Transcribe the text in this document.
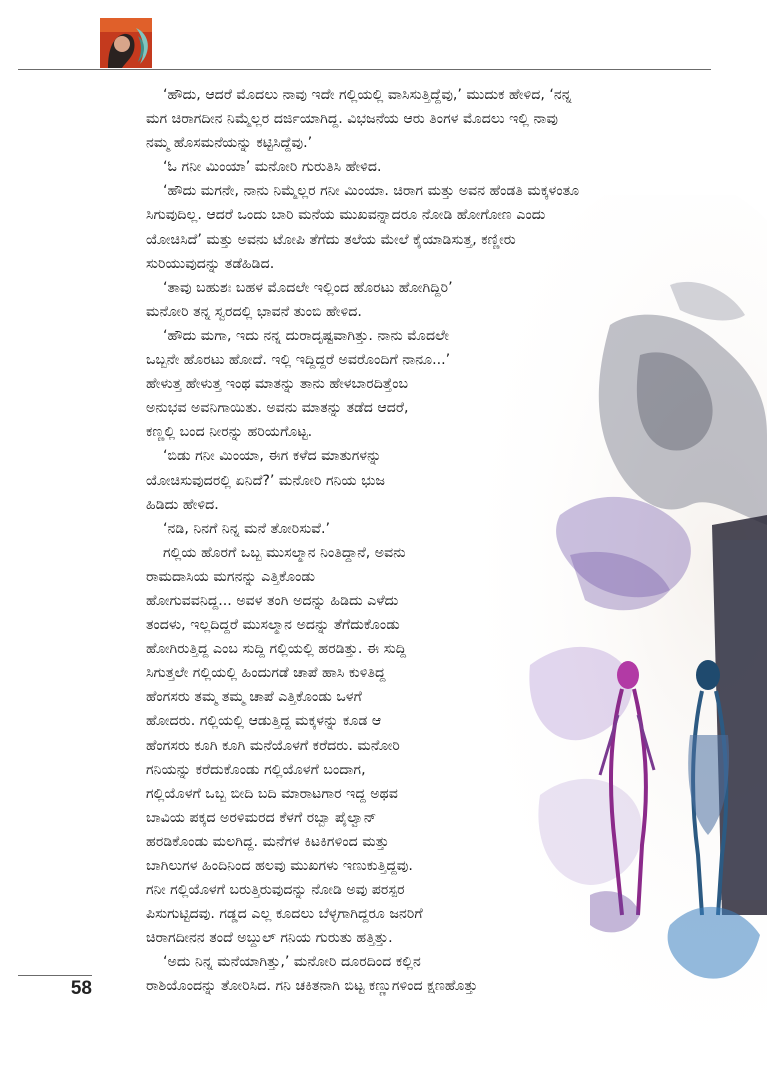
‘ಹೌದು, ಆದರೆ ಮೊದಲು ನಾವು ಇದೇ ಗಲ್ಲಿಯಲ್ಲಿ ವಾಸಿಸುತ್ತಿದ್ದೆವು,’ ಮುದುಕ ಹೇಳಿದ, ‘ನನ್ನ
ಮಗ ಚಿರಾಗದೀನ ನಿಮ್ಮೆಲ್ಲರ ದರ್ಜಿಯಾಗಿದ್ದ. ವಿಭಜನೆಯ ಆರು ತಿಂಗಳ ಮೊದಲು ಇಲ್ಲಿ ನಾವು
ನಮ್ಮ ಹೊಸಮನೆಯನ್ನು ಕಟ್ಟಿಸಿದ್ದೆವು.’
‘ಓ ಗನೀ ಮಿಂಯಾ’ ಮನೋರಿ ಗುರುತಿಸಿ ಹೇಳಿದ.
‘ಹೌದು ಮಗನೇ, ನಾನು ನಿಮ್ಮೆಲ್ಲರ ಗನೀ ಮಿಂಯಾ. ಚಿರಾಗ ಮತ್ತು ಅವನ ಹೆಂಡತಿ ಮಕ್ಕಳಂತೂ
ಸಿಗುವುದಿಲ್ಲ. ಆದರೆ ಒಂದು ಬಾರಿ ಮನೆಯ ಮುಖವನ್ನಾದರೂ ನೋಡಿ ಹೋಗೋಣ ಎಂದು
ಯೋಚಿಸಿದೆ’ ಮತ್ತು ಅವನು ಟೋಪಿ ತೆಗೆದು ತಲೆಯ ಮೇಲೆ ಕೈಯಾಡಿಸುತ್ತ, ಕಣ್ಣೀರು
ಸುರಿಯುವುದನ್ನು ತಡೆಹಿಡಿದ.
‘ತಾವು ಬಹುಶಃ ಬಹಳ ಮೊದಲೇ ಇಲ್ಲಿಂದ ಹೊರಟು ಹೋಗಿದ್ದಿರಿ’
ಮನೋರಿ ತನ್ನ ಸ್ವರದಲ್ಲಿ ಭಾವನೆ ತುಂಬಿ ಹೇಳಿದ.
‘ಹೌದು ಮಗಾ, ಇದು ನನ್ನ ದುರಾದೃಷ್ಟವಾಗಿತ್ತು. ನಾನು ಮೊದಲೇ
ಒಬ್ಬನೇ ಹೊರಟು ಹೋದೆ. ಇಲ್ಲಿ ಇದ್ದಿದ್ದರೆ ಅವರೊಂದಿಗೆ ನಾನೂ...’
ಹೇಳುತ್ತ ಹೇಳುತ್ತ ಇಂಥ ಮಾತನ್ನು ತಾನು ಹೇಳಬಾರದಿತ್ತೆಂಬ
ಅನುಭವ ಅವನಿಗಾಯಿತು. ಅವನು ಮಾತನ್ನು ತಡೆದ ಆದರೆ,
ಕಣ್ಣಲ್ಲಿ ಬಂದ ನೀರನ್ನು ಹರಿಯಗೊಟ್ಟ.
‘ಬಿಡು ಗನೀ ಮಿಂಯಾ, ಈಗ ಕಳೆದ ಮಾತುಗಳನ್ನು
ಯೋಚಿಸುವುದರಲ್ಲಿ ಏನಿದೆ?’ ಮನೋರಿ ಗನಿಯ ಭುಜ
ಹಿಡಿದು ಹೇಳಿದ.
‘ನಡಿ, ನಿನಗೆ ನಿನ್ನ ಮನೆ ತೋರಿಸುವೆ.’
ಗಲ್ಲಿಯ ಹೊರಗೆ ಒಬ್ಬ ಮುಸಲ್ಮಾನ ನಿಂತಿದ್ದಾನೆ, ಅವನು
ರಾಮದಾಸಿಯ ಮಗನನ್ನು ಎತ್ತಿಕೊಂಡು
ಹೋಗುವವನಿದ್ದ... ಅವಳ ತಂಗಿ ಅದನ್ನು ಹಿಡಿದು ಎಳೆದು
ತಂದಳು, ಇಲ್ಲದಿದ್ದರೆ ಮುಸಲ್ಮಾನ ಅದನ್ನು ತೆಗೆದುಕೊಂಡು
ಹೋಗಿರುತ್ತಿದ್ದ ಎಂಬ ಸುದ್ದಿ ಗಲ್ಲಿಯಲ್ಲಿ ಹರಡಿತ್ತು. ಈ ಸುದ್ದಿ
ಸಿಗುತ್ತಲೇ ಗಲ್ಲಿಯಲ್ಲಿ ಹಿಂದುಗಡೆ ಚಾಪೆ ಹಾಸಿ ಕುಳಿತಿದ್ದ
ಹೆಂಗಸರು ತಮ್ಮ ತಮ್ಮ ಚಾಪೆ ಎತ್ತಿಕೊಂಡು ಒಳಗೆ
ಹೋದರು. ಗಲ್ಲಿಯಲ್ಲಿ ಆಡುತ್ತಿದ್ದ ಮಕ್ಕಳನ್ನು ಕೂಡ ಆ
ಹೆಂಗಸರು ಕೂಗಿ ಕೂಗಿ ಮನೆಯೊಳಗೆ ಕರೆದರು. ಮನೋರಿ
ಗನಿಯನ್ನು ಕರೆದುಕೊಂಡು ಗಲ್ಲಿಯೊಳಗೆ ಬಂದಾಗ,
ಗಲ್ಲಿಯೊಳಗೆ ಒಬ್ಬ ಬೀದಿ ಬದಿ ಮಾರಾಟಗಾರ ಇದ್ದ ಅಥವ
ಬಾವಿಯ ಪಕ್ಕದ ಅರಳಿಮರದ ಕೆಳಗೆ ರಬ್ಬಾ ಪೈಲ್ವಾನ್
ಹರಡಿಕೊಂಡು ಮಲಗಿದ್ದ. ಮನೆಗಳ ಕಿಟಕಿಗಳಿಂದ ಮತ್ತು
ಬಾಗಿಲುಗಳ ಹಿಂದಿನಿಂದ ಹಲವು ಮುಖಗಳು ಇಣುಕುತ್ತಿದ್ದವು.
ಗನೀ ಗಲ್ಲಿಯೊಳಗೆ ಬರುತ್ತಿರುವುದನ್ನು ನೋಡಿ ಅವು ಪರಸ್ಪರ
ಪಿಸುಗುಟ್ಟಿದವು. ಗಡ್ಡದ ಎಲ್ಲ ಕೂದಲು ಬೆಳ್ಳಗಾಗಿದ್ದರೂ ಜನರಿಗೆ
ಚಿರಾಗದೀನನ ತಂದೆ ಅಬ್ದುಲ್ ಗನಿಯ ಗುರುತು ಹತ್ತಿತ್ತು.
‘ಅದು ನಿನ್ನ ಮನೆಯಾಗಿತ್ತು,’ ಮನೋರಿ ದೂರದಿಂದ ಕಲ್ಲಿನ
ರಾಶಿಯೊಂದನ್ನು ತೋರಿಸಿದ. ಗನಿ ಚಕಿತನಾಗಿ ಬಿಟ್ಟ ಕಣ್ಣುಗಳಿಂದ ಕ್ಷಣಹೊತ್ತು
58
